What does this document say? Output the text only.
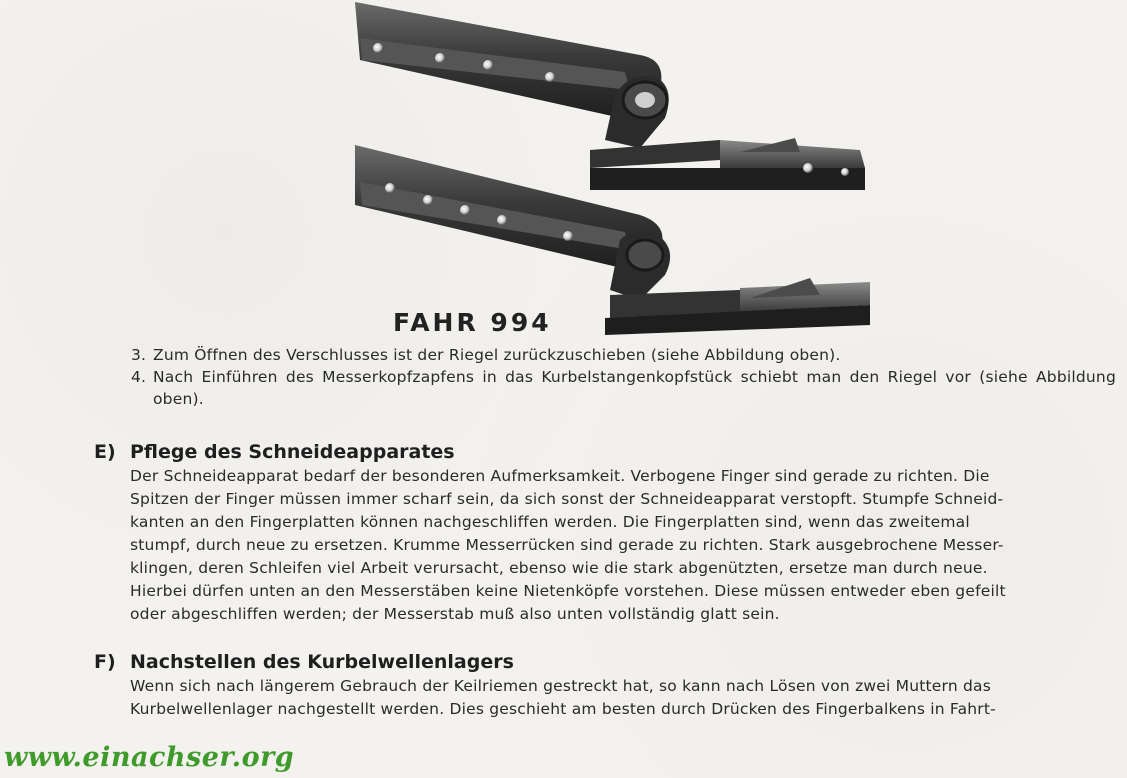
FAHR 994
3. Zum Öffnen des Verschlusses ist der Riegel zurückzuschieben (siehe Abbildung oben).
4. Nach Einführen des Messerkopfzapfens in das Kurbelstangenkopfstück schiebt man den Riegel vor (siehe Abbildung oben).
E) Pflege des Schneideapparates
Der Schneideapparat bedarf der besonderen Aufmerksamkeit. Verbogene Finger sind gerade zu richten. Die
Spitzen der Finger müssen immer scharf sein, da sich sonst der Schneideapparat verstopft. Stumpfe Schneid-
kanten an den Fingerplatten können nachgeschliffen werden. Die Fingerplatten sind, wenn das zweitemal
stumpf, durch neue zu ersetzen. Krumme Messerrücken sind gerade zu richten. Stark ausgebrochene Messer-
klingen, deren Schleifen viel Arbeit verursacht, ebenso wie die stark abgenützten, ersetze man durch neue.
Hierbei dürfen unten an den Messerstäben keine Nietenköpfe vorstehen. Diese müssen entweder eben gefeilt
oder abgeschliffen werden; der Messerstab muß also unten vollständig glatt sein.
F) Nachstellen des Kurbelwellenlagers
Wenn sich nach längerem Gebrauch der Keilriemen gestreckt hat, so kann nach Lösen von zwei Muttern das
Kurbelwellenlager nachgestellt werden. Dies geschieht am besten durch Drücken des Fingerbalkens in Fahrt-
www.einachser.org
